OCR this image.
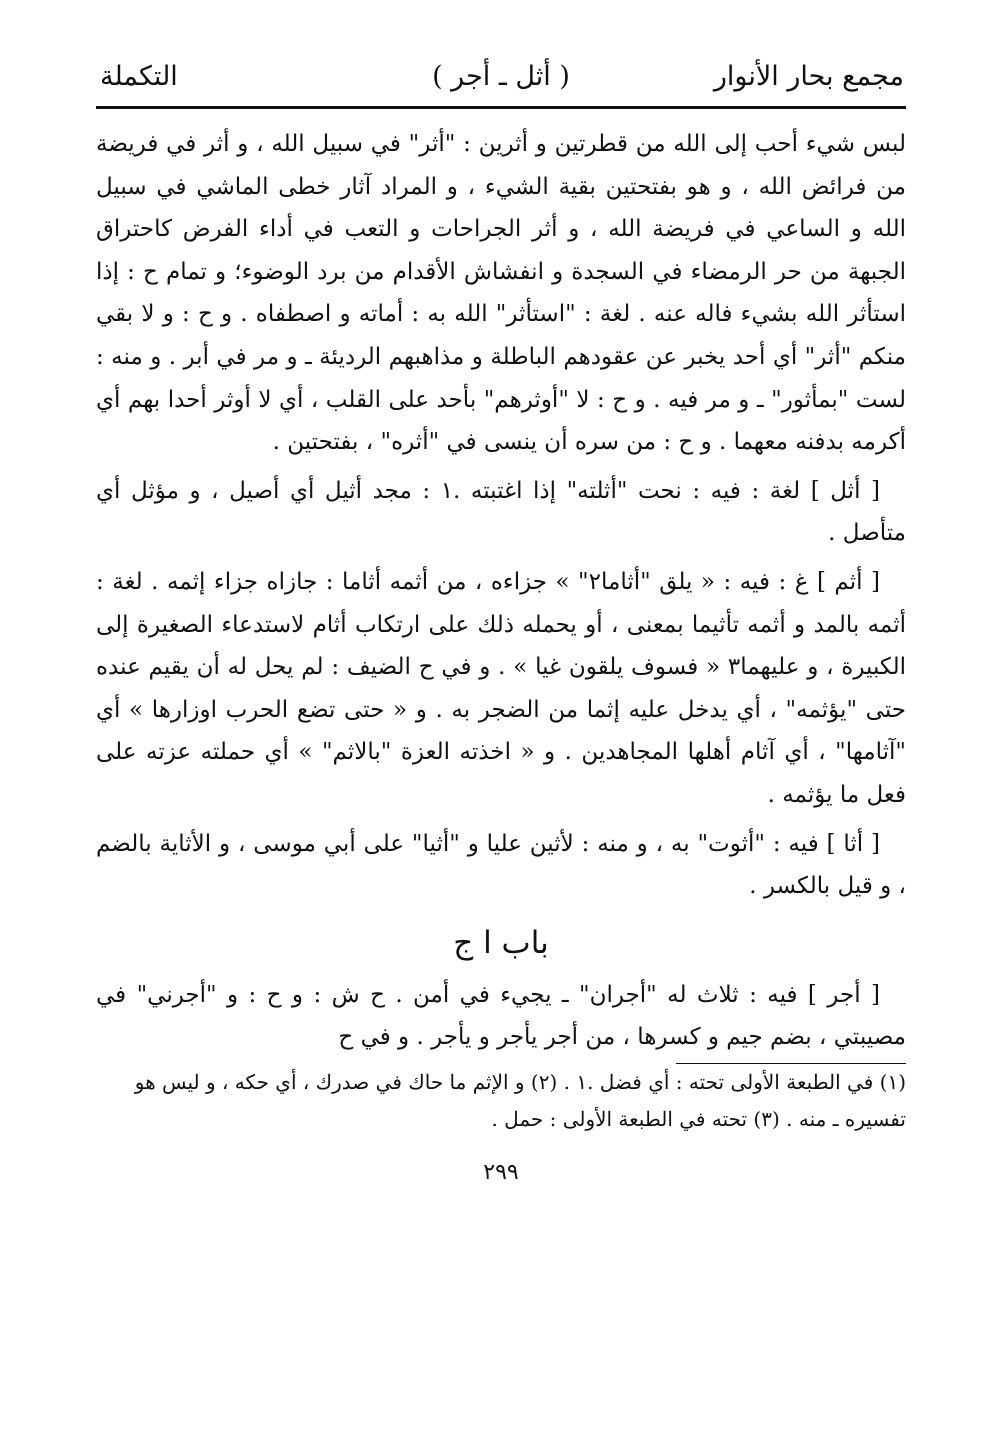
مجمع بحار الأنوار
( أثل ـ أجر )
التكملة

لبس شيء أحب إلى الله من قطرتين و أثرين : "أثر" في سبيل الله ، و أثر في فريضة من فرائض الله ، و هو بفتحتين بقية الشيء ، و المراد آثار خطى الماشي في سبيل الله و الساعي في فريضة الله ، و أثر الجراحات و التعب في أداء الفرض كاحتراق الجبهة من حر الرمضاء في السجدة و انفشاش الأقدام من برد الوضوء؛ و تمام ح : إذا استأثر الله بشيء فاله عنه . لغة : "استأثر" الله به : أماته و اصطفاه . و ح : و لا بقي منكم "أثر" أي أحد يخبر عن عقودهم الباطلة و مذاهبهم الرديئة ـ و مر في أبر . و منه : لست "بمأثور" ـ و مر فيه . و ح : لا "أوثرهم" بأحد على القلب ، أي لا أوثر أحدا بهم أي أكرمه بدفنه معهما . و ح : من سره أن ينسى في "أثره" ، بفتحتين .

[ أثل ] لغة : فيه : نحت "أثلته" إذا اغتبته .١ : مجد أثيل أي أصيل ، و مؤثل أي متأصل .

[ أثم ] غ : فيه : « يلق "أثاما٢" » جزاءه ، من أثمه أثاما : جازاه جزاء إثمه . لغة : أثمه بالمد و أثمه تأثيما بمعنى ، أو يحمله ذلك على ارتكاب أثام لاستدعاء الصغيرة إلى الكبيرة ، و عليهما٣ « فسوف يلقون غيا » . و في ح الضيف : لم يحل له أن يقيم عنده حتى "يؤثمه" ، أي يدخل عليه إثما من الضجر به . و « حتى تضع الحرب اوزارها » أي "آثامها" ، أي آثام أهلها المجاهدين . و « اخذته العزة "بالاثم" » أي حملته عزته على فعل ما يؤثمه .

[ أثا ] فيه : "أثوت" به ، و منه : لأثين عليا و "أثيا" على أبي موسى ، و الأثاية بالضم ، و قيل بالكسر .

باب ا ج

[ أجر ] فيه : ثلاث له "أجران" ـ يجيء في أمن . ح ش : و ح : و "أجرني" في مصيبتي ، بضم جيم و كسرها ، من أجر يأجر و يأجر . و في ح

(١) في الطبعة الأولى تحته : أي فضل .١ . (٢) و الإثم ما حاك في صدرك ، أي حكه ، و ليس هو تفسيره ـ منه . (٣) تحته في الطبعة الأولى : حمل .

٢٩٩
